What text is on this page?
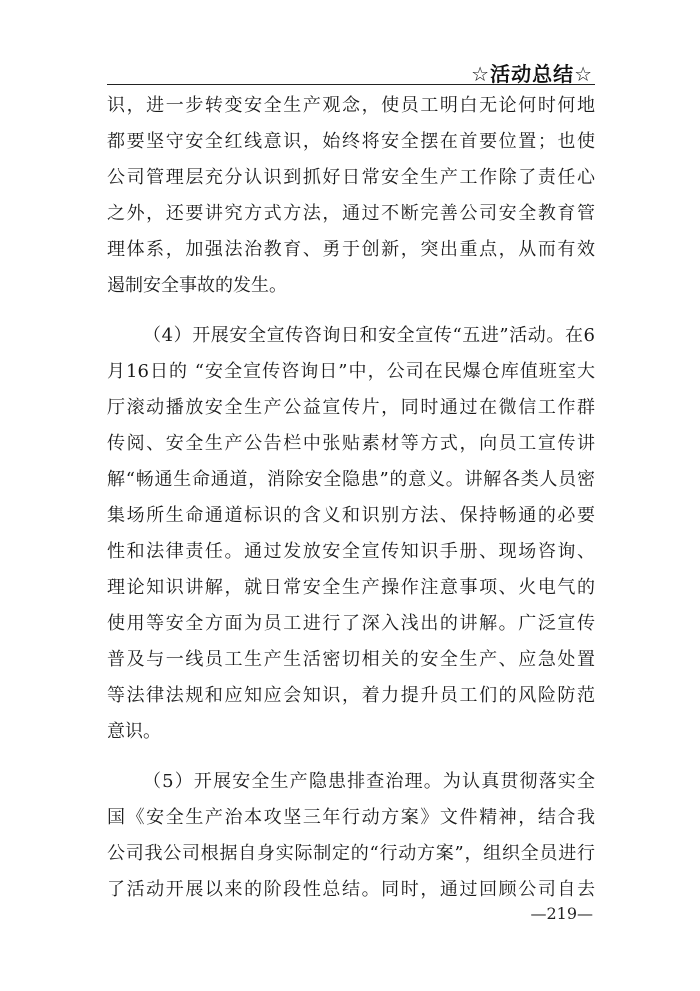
☆活动总结☆
识，进一步转变安全生产观念，使员工明白无论何时何地
都要坚守安全红线意识，始终将安全摆在首要位置；也使
公司管理层充分认识到抓好日常安全生产工作除了责任心
之外，还要讲究方式方法，通过不断完善公司安全教育管
理体系，加强法治教育、勇于创新，突出重点，从而有效
遏制安全事故的发生。
（4）开展安全宣传咨询日和安全宣传“五进”活动。在6
月16日的 “安全宣传咨询日”中，公司在民爆仓库值班室大
厅滚动播放安全生产公益宣传片，同时通过在微信工作群
传阅、安全生产公告栏中张贴素材等方式，向员工宣传讲
解“畅通生命通道，消除安全隐患”的意义。讲解各类人员密
集场所生命通道标识的含义和识别方法、保持畅通的必要
性和法律责任。通过发放安全宣传知识手册、现场咨询、
理论知识讲解，就日常安全生产操作注意事项、火电气的
使用等安全方面为员工进行了深入浅出的讲解。广泛宣传
普及与一线员工生产生活密切相关的安全生产、应急处置
等法律法规和应知应会知识，着力提升员工们的风险防范
意识。
（5）开展安全生产隐患排查治理。为认真贯彻落实全
国《安全生产治本攻坚三年行动方案》文件精神，结合我
公司我公司根据自身实际制定的“行动方案”，组织全员进行
了活动开展以来的阶段性总结。同时，通过回顾公司自去
—219—
